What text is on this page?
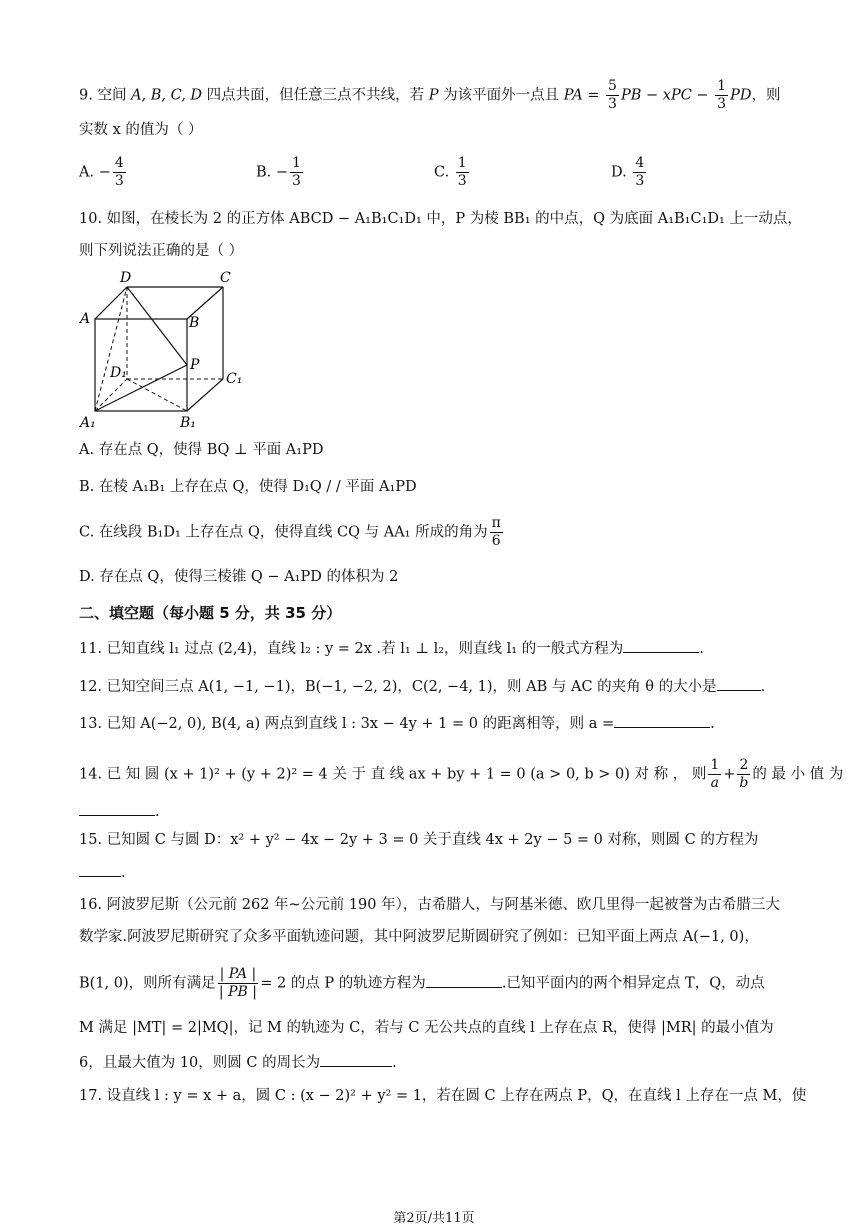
9. 空间 A, B, C, D 四点共面，但任意三点不共线，若 P 为该平面外一点且 PA = $\frac{5}{3}$ PB − xPC − $\frac{1}{3}$ PD，则
实数 x 的值为（ ）
A. − $\frac{4}{3}$	B. − $\frac{1}{3}$	C. $\frac{1}{3}$	D. $\frac{4}{3}$
10. 如图，在棱长为 2 的正方体 ABCD − A₁B₁C₁D₁ 中，P 为棱 BB₁ 的中点，Q 为底面 A₁B₁C₁D₁ 上一动点，
则下列说法正确的是（ ）
D	C
A	B
P
D₁	C₁
A₁	B₁
A. 存在点 Q，使得 BQ ⊥ 平面 A₁PD
B. 在棱 A₁B₁ 上存在点 Q，使得 D₁Q / / 平面 A₁PD
C. 在线段 B₁D₁ 上存在点 Q，使得直线 CQ 与 AA₁ 所成的角为 $\frac{\pi}{6}$
D. 存在点 Q，使得三棱锥 Q − A₁PD 的体积为 2
二、填空题（每小题 5 分，共 35 分）
11. 已知直线 l₁ 过点 (2,4)，直线 l₂ : y = 2x .若 l₁ ⊥ l₂，则直线 l₁ 的一般式方程为	.
12. 已知空间三点 A(1, −1, −1)，B(−1, −2, 2)，C(2, −4, 1)，则 AB 与 AC 的夹角 θ 的大小是	.
13. 已知 A(−2, 0), B(4, a) 两点到直线 l : 3x − 4y + 1 = 0 的距离相等，则 a =	.
14. 已 知 圆 (x + 1)² + (y + 2)² = 4 关 于 直 线 ax + by + 1 = 0 (a > 0, b > 0) 对 称 ， 则 $\frac{1}{a} + \frac{2}{b}$ 的 最 小 值 为
.
15. 已知圆 C 与圆 D：x² + y² − 4x − 2y + 3 = 0 关于直线 4x + 2y − 5 = 0 对称，则圆 C 的方程为
.
16. 阿波罗尼斯（公元前 262 年~公元前 190 年），古希腊人，与阿基米德、欧几里得一起被誉为古希腊三大
数学家.阿波罗尼斯研究了众多平面轨迹问题，其中阿波罗尼斯圆研究了例如：已知平面上两点 A(−1, 0)，
B(1, 0)，则所有满足 $\frac{| PA |}{| PB |} = 2$ 的点 P 的轨迹方程为	.已知平面内的两个相异定点 T，Q，动点
M 满足 |MT| = 2|MQ|，记 M 的轨迹为 C，若与 C 无公共点的直线 l 上存在点 R，使得 |MR| 的最小值为
6，且最大值为 10，则圆 C 的周长为	.
17. 设直线 l : y = x + a，圆 C : (x − 2)² + y² = 1，若在圆 C 上存在两点 P，Q，在直线 l 上存在一点 M，使
第2页/共11页
